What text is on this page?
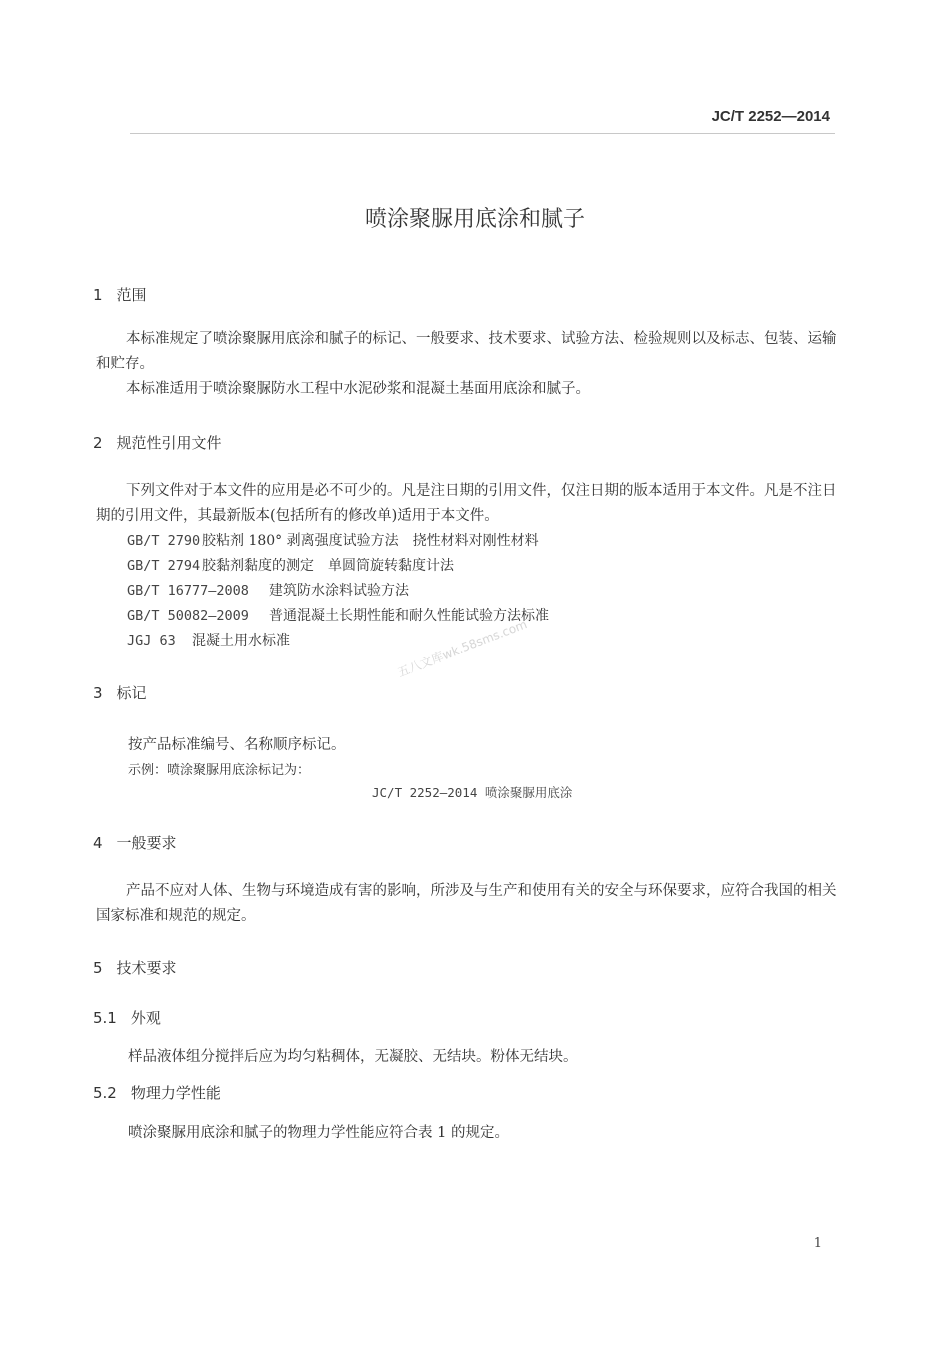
JC/T 2252—2014
喷涂聚脲用底涂和腻子
1 范围
本标准规定了喷涂聚脲用底涂和腻子的标记、一般要求、技术要求、试验方法、检验规则以及标志、包装、运输和贮存。
本标准适用于喷涂聚脲防水工程中水泥砂浆和混凝土基面用底涂和腻子。
2 规范性引用文件
下列文件对于本文件的应用是必不可少的。凡是注日期的引用文件，仅注日期的版本适用于本文件。凡是不注日期的引用文件，其最新版本(包括所有的修改单)适用于本文件。
GB/T 2790 胶粘剂 180° 剥离强度试验方法　挠性材料对刚性材料
GB/T 2794 胶黏剂黏度的测定　单圆筒旋转黏度计法
GB/T 16777—2008 建筑防水涂料试验方法
GB/T 50082—2009 普通混凝土长期性能和耐久性能试验方法标准
JGJ 63 混凝土用水标准	五八文库wk.58sms.com
3 标记
按产品标准编号、名称顺序标记。
示例：喷涂聚脲用底涂标记为：
JC/T 2252—2014 喷涂聚脲用底涂
4 一般要求
产品不应对人体、生物与环境造成有害的影响，所涉及与生产和使用有关的安全与环保要求，应符合我国的相关国家标准和规范的规定。
5 技术要求
5.1 外观
样品液体组分搅拌后应为均匀粘稠体，无凝胶、无结块。粉体无结块。
5.2 物理力学性能
喷涂聚脲用底涂和腻子的物理力学性能应符合表 1 的规定。
1
